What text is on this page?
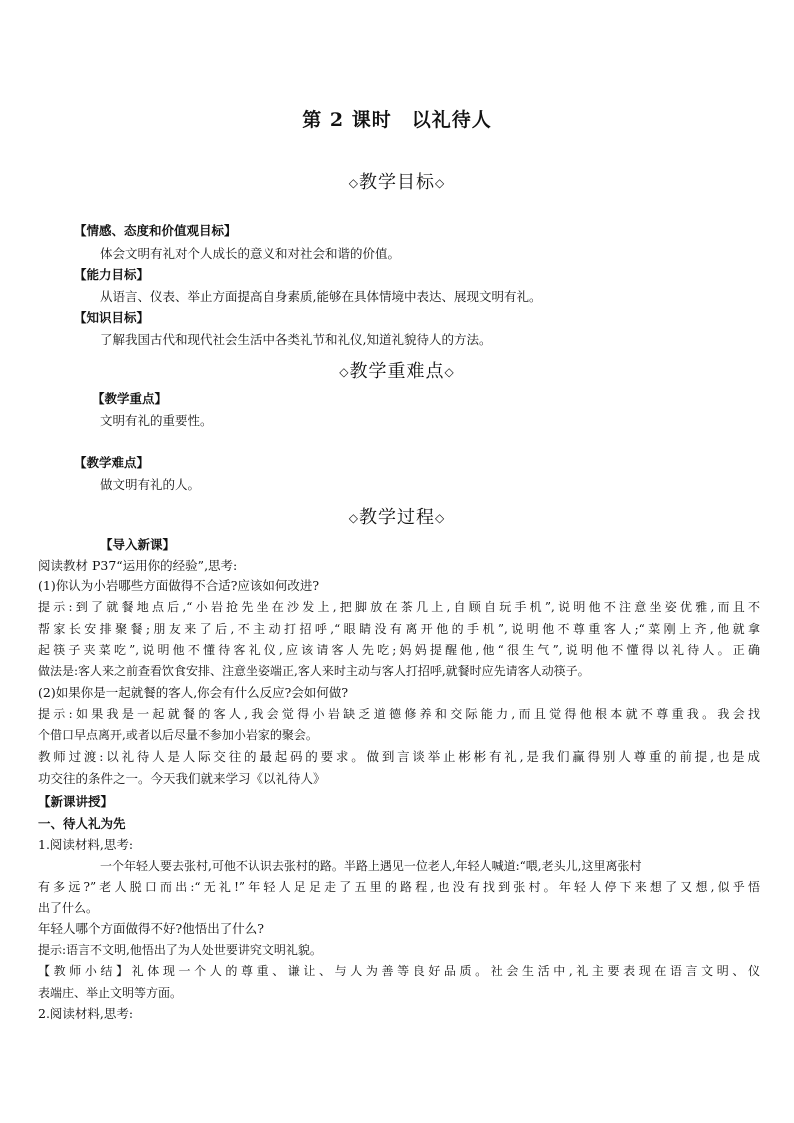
第 2 课时　以礼待人
◇教学目标◇
【情感、态度和价值观目标】
体会文明有礼对个人成长的意义和对社会和谐的价值。
【能力目标】
从语言、仪表、举止方面提高自身素质,能够在具体情境中表达、展现文明有礼。
【知识目标】
了解我国古代和现代社会生活中各类礼节和礼仪,知道礼貌待人的方法。
◇教学重难点◇
【教学重点】
文明有礼的重要性。
【教学难点】
做文明有礼的人。
◇教学过程◇
【导入新课】
阅读教材 P37“运用你的经验”,思考:
(1)你认为小岩哪些方面做得不合适?应该如何改进?
提示:到了就餐地点后,“小岩抢先坐在沙发上,把脚放在茶几上,自顾自玩手机”,说明他不注意坐姿优雅,而且不
帮家长安排聚餐;朋友来了后,不主动打招呼,“眼睛没有离开他的手机”,说明他不尊重客人;“菜刚上齐,他就拿
起筷子夹菜吃”,说明他不懂待客礼仪,应该请客人先吃;妈妈提醒他,他“很生气”,说明他不懂得以礼待人。正确
做法是:客人来之前查看饮食安排、注意坐姿端正,客人来时主动与客人打招呼,就餐时应先请客人动筷子。
(2)如果你是一起就餐的客人,你会有什么反应?会如何做?
提示:如果我是一起就餐的客人,我会觉得小岩缺乏道德修养和交际能力,而且觉得他根本就不尊重我。我会找
个借口早点离开,或者以后尽量不参加小岩家的聚会。
教师过渡:以礼待人是人际交往的最起码的要求。做到言谈举止彬彬有礼,是我们赢得别人尊重的前提,也是成
功交往的条件之一。今天我们就来学习《以礼待人》
【新课讲授】
一、待人礼为先
1.阅读材料,思考:
一个年轻人要去张村,可他不认识去张村的路。半路上遇见一位老人,年轻人喊道:“喂,老头儿,这里离张村
有多远?”老人脱口而出:“无礼!”年轻人足足走了五里的路程,也没有找到张村。年轻人停下来想了又想,似乎悟
出了什么。
年轻人哪个方面做得不好?他悟出了什么?
提示:语言不文明,他悟出了为人处世要讲究文明礼貌。
【教师小结】礼体现一个人的尊重、谦让、与人为善等良好品质。社会生活中,礼主要表现在语言文明、仪
表端庄、举止文明等方面。
2.阅读材料,思考:
